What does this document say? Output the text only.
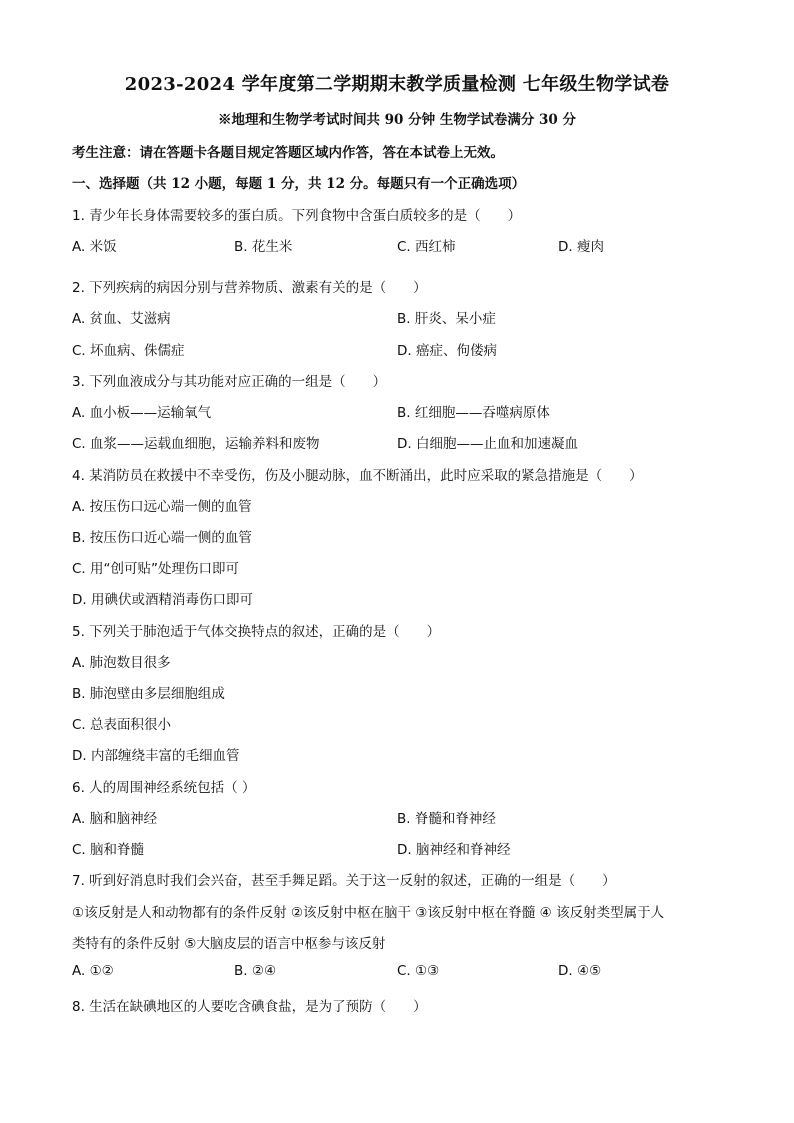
2023-2024 学年度第二学期期末教学质量检测 七年级生物学试卷
※地理和生物学考试时间共 90 分钟 生物学试卷满分 30 分
考生注意：请在答题卡各题目规定答题区域内作答，答在本试卷上无效。
一、选择题（共 12 小题，每题 1 分，共 12 分。每题只有一个正确选项）
1. 青少年长身体需要较多的蛋白质。下列食物中含蛋白质较多的是（　　）
A. 米饭	B. 花生米	C. 西红柿	D. 瘦肉
2. 下列疾病的病因分别与营养物质、激素有关的是（　　）
A. 贫血、艾滋病	B. 肝炎、呆小症
C. 坏血病、侏儒症	D. 癌症、佝偻病
3. 下列血液成分与其功能对应正确的一组是（　　）
A. 血小板——运输氧气	B. 红细胞——吞噬病原体
C. 血浆——运载血细胞，运输养料和废物	D. 白细胞——止血和加速凝血
4. 某消防员在救援中不幸受伤，伤及小腿动脉，血不断涌出，此时应采取的紧急措施是（　　）
A. 按压伤口远心端一侧的血管
B. 按压伤口近心端一侧的血管
C. 用“创可贴”处理伤口即可
D. 用碘伏或酒精消毒伤口即可
5. 下列关于肺泡适于气体交换特点的叙述，正确的是（　　）
A. 肺泡数目很多
B. 肺泡壁由多层细胞组成
C. 总表面积很小
D. 内部缠绕丰富的毛细血管
6. 人的周围神经系统包括（ ）
A. 脑和脑神经	B. 脊髓和脊神经
C. 脑和脊髓	D. 脑神经和脊神经
7. 听到好消息时我们会兴奋，甚至手舞足蹈。关于这一反射的叙述，正确的一组是（　　）
①该反射是人和动物都有的条件反射 ②该反射中枢在脑干 ③该反射中枢在脊髓 ④ 该反射类型属于人
类特有的条件反射 ⑤大脑皮层的语言中枢参与该反射
A. ①②	B. ②④	C. ①③	D. ④⑤
8. 生活在缺碘地区的人要吃含碘食盐，是为了预防（　　）
